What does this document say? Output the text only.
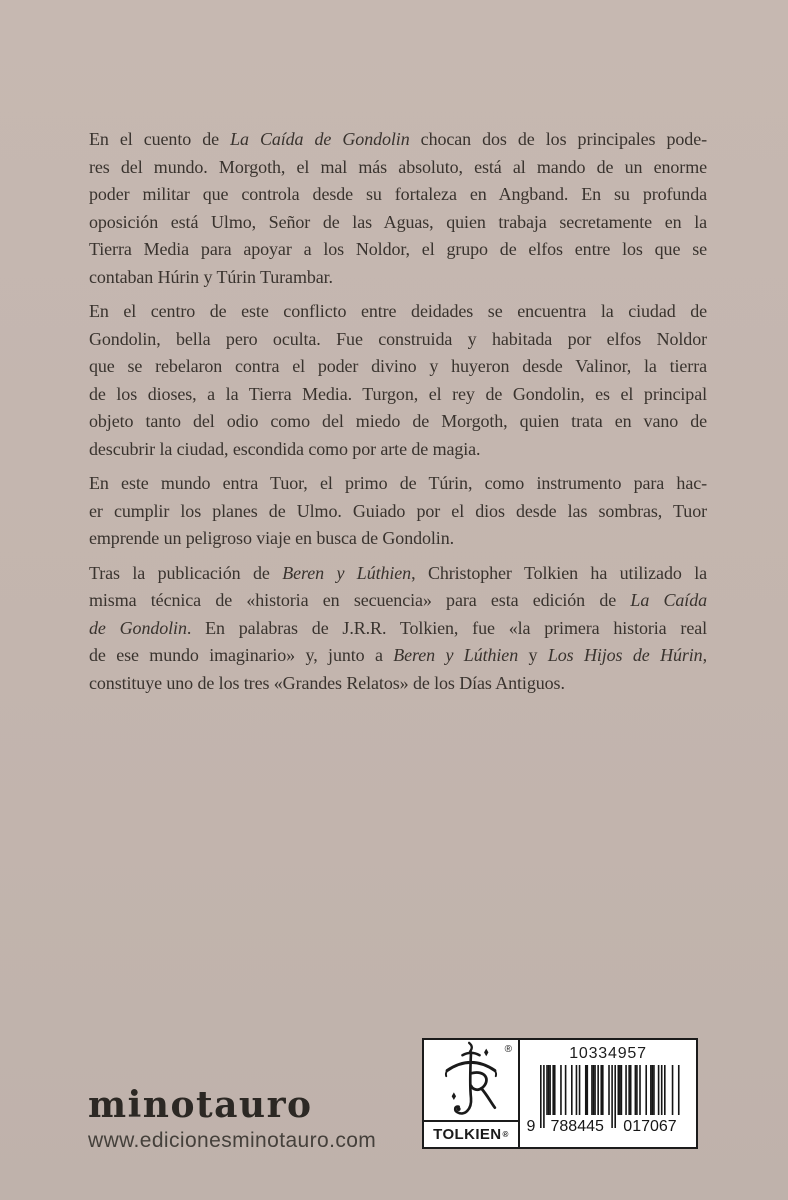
En el cuento de La Caída de Gondolin chocan dos de los principales pode-
res del mundo. Morgoth, el mal más absoluto, está al mando de un enorme
poder militar que controla desde su fortaleza en Angband. En su profunda
oposición está Ulmo, Señor de las Aguas, quien trabaja secretamente en la
Tierra Media para apoyar a los Noldor, el grupo de elfos entre los que se
contaban Húrin y Túrin Turambar.
En el centro de este conflicto entre deidades se encuentra la ciudad de
Gondolin, bella pero oculta. Fue construida y habitada por elfos Noldor
que se rebelaron contra el poder divino y huyeron desde Valinor, la tierra
de los dioses, a la Tierra Media. Turgon, el rey de Gondolin, es el principal
objeto tanto del odio como del miedo de Morgoth, quien trata en vano de
descubrir la ciudad, escondida como por arte de magia.
En este mundo entra Tuor, el primo de Túrin, como instrumento para hac-
er cumplir los planes de Ulmo. Guiado por el dios desde las sombras, Tuor
emprende un peligroso viaje en busca de Gondolin.
Tras la publicación de Beren y Lúthien, Christopher Tolkien ha utilizado la
misma técnica de «historia en secuencia» para esta edición de La Caída
de Gondolin. En palabras de J.R.R. Tolkien, fue «la primera historia real
de ese mundo imaginario» y, junto a Beren y Lúthien y Los Hijos de Húrin,
constituye uno de los tres «Grandes Relatos» de los Días Antiguos.
minotauro
www.edicionesminotauro.com
®
TOLKIEN ®
10334957
9 788445 017067
